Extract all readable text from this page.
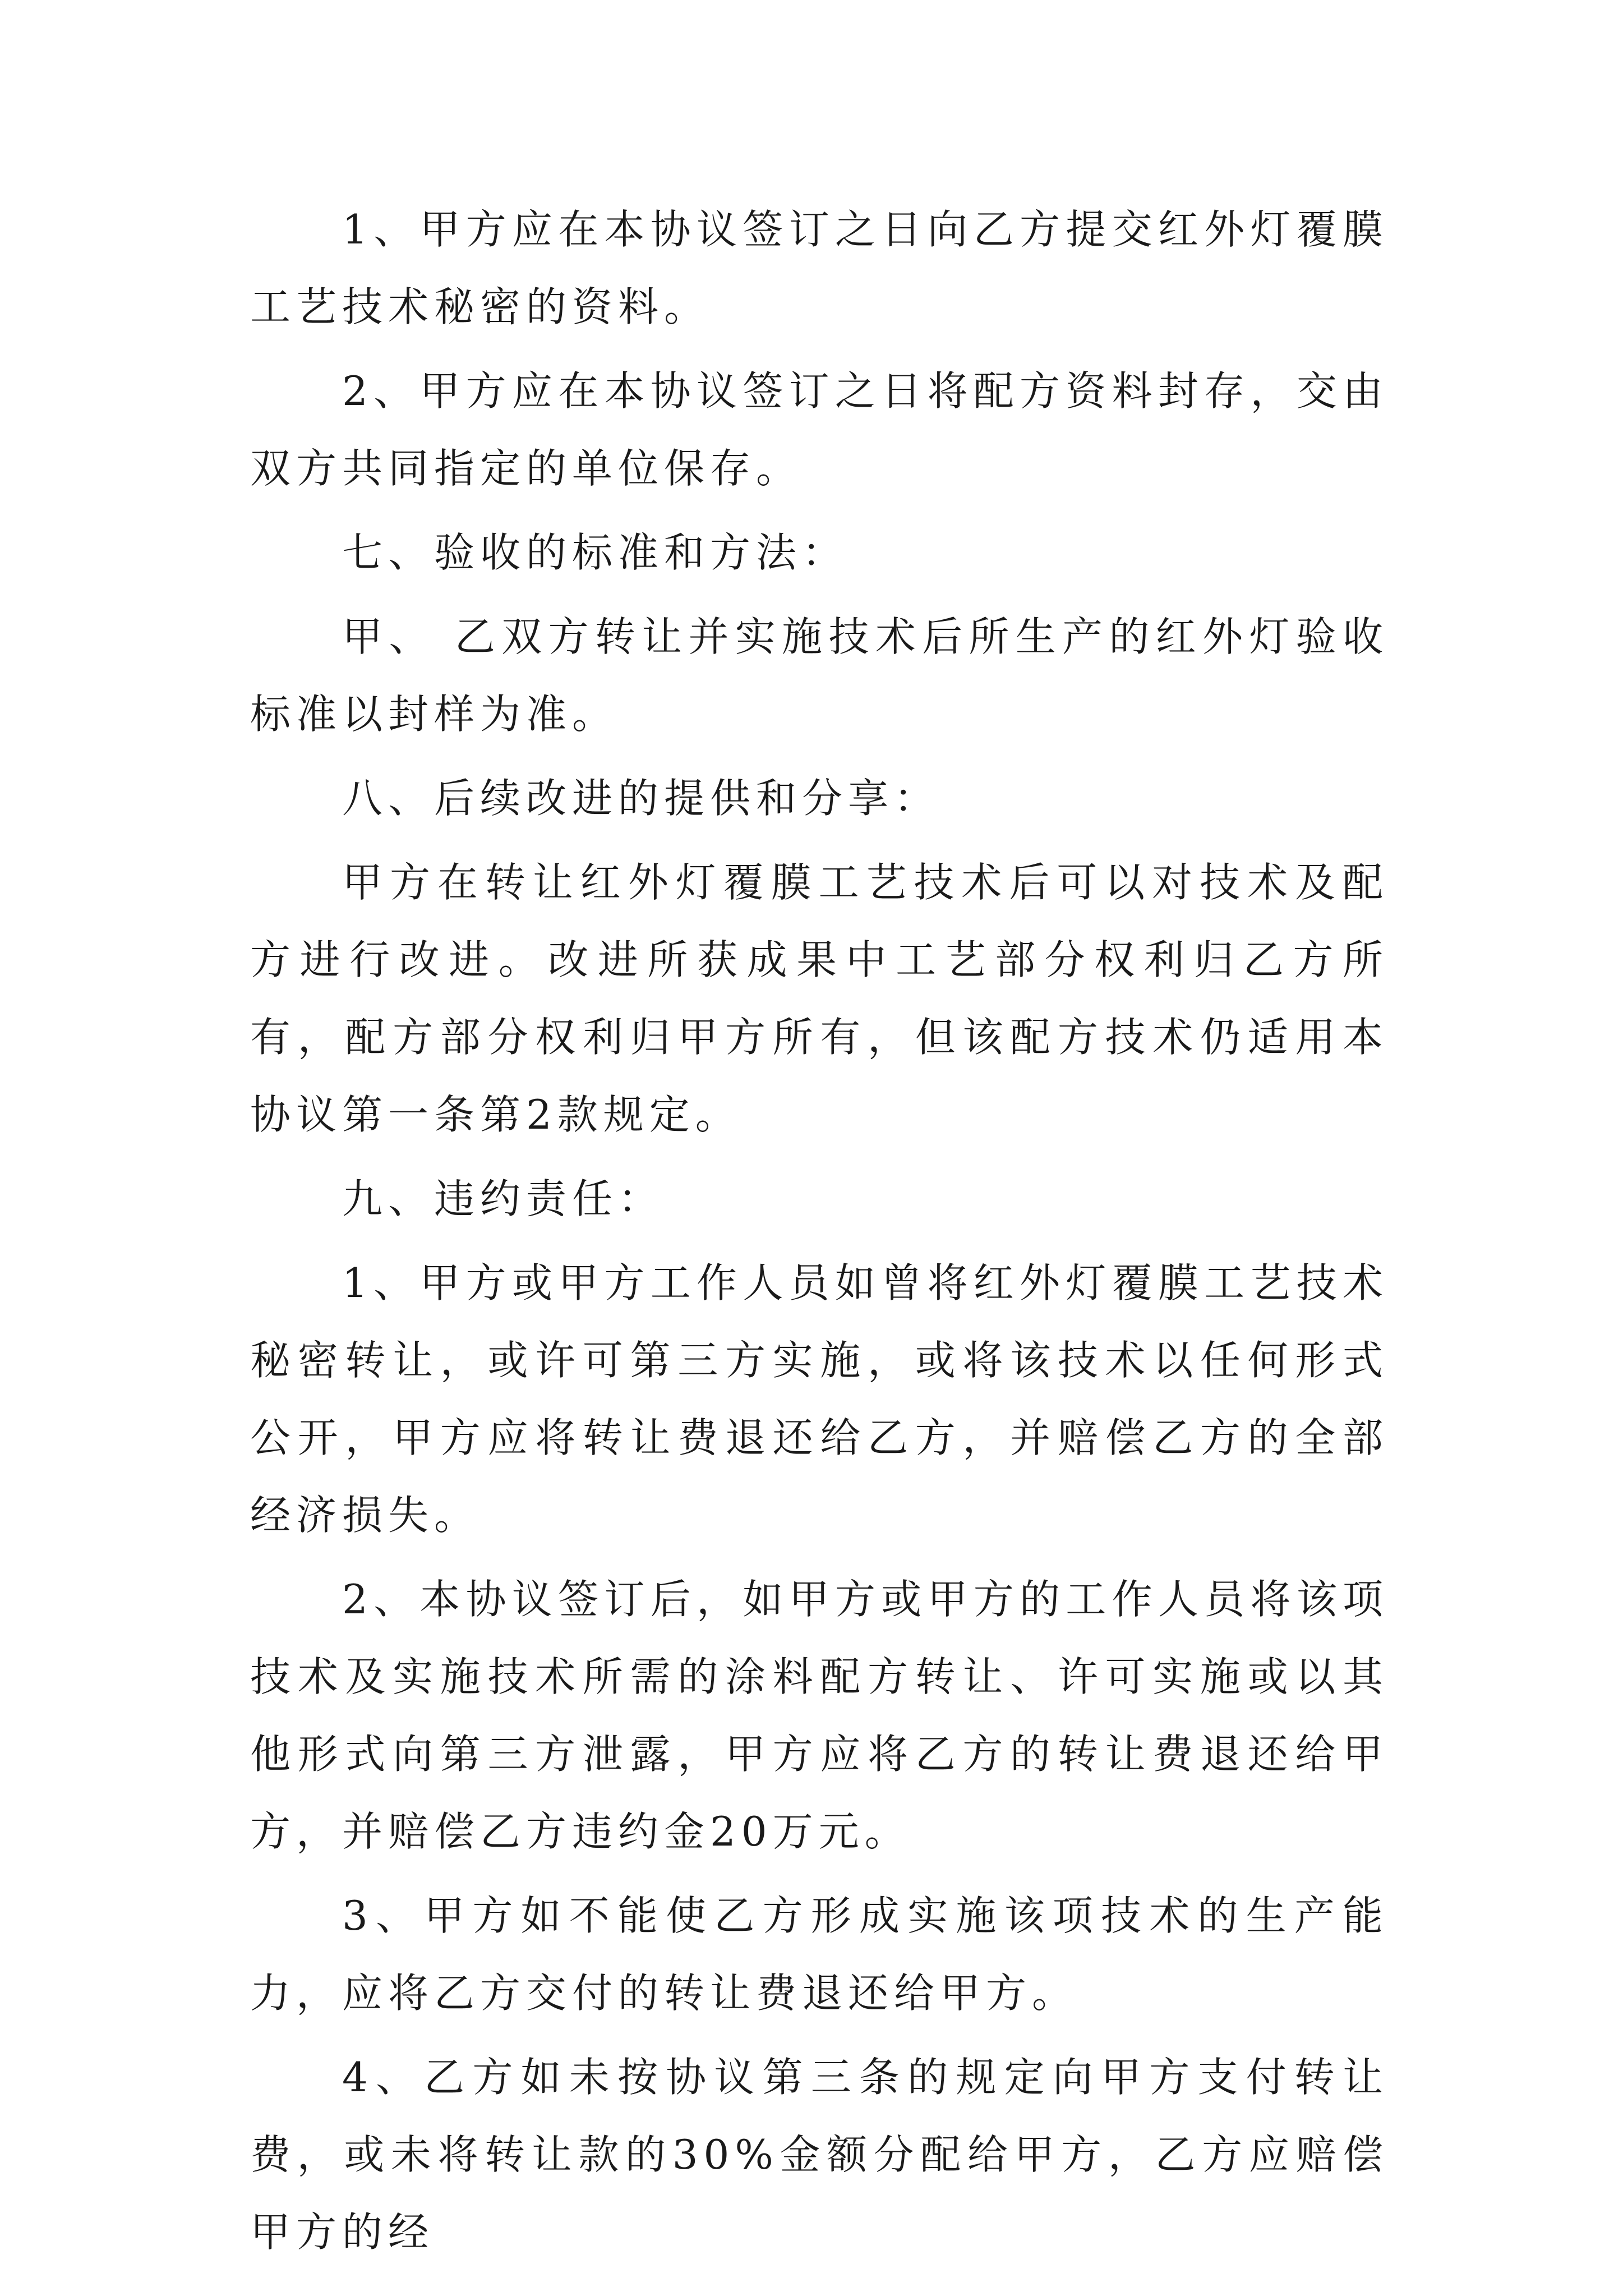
1、甲方应在本协议签订之日向乙方提交红外灯覆膜工艺技术秘密的资料。

2、甲方应在本协议签订之日将配方资料封存，交由双方共同指定的单位保存。

七、验收的标准和方法：

甲、 乙双方转让并实施技术后所生产的红外灯验收标准以封样为准。

八、后续改进的提供和分享：

甲方在转让红外灯覆膜工艺技术后可以对技术及配方进行改进。改进所获成果中工艺部分权利归乙方所有，配方部分权利归甲方所有，但该配方技术仍适用本协议第一条第2款规定。

九、违约责任：

1、甲方或甲方工作人员如曾将红外灯覆膜工艺技术秘密转让，或许可第三方实施，或将该技术以任何形式公开，甲方应将转让费退还给乙方，并赔偿乙方的全部经济损失。

2、本协议签订后，如甲方或甲方的工作人员将该项技术及实施技术所需的涂料配方转让、许可实施或以其他形式向第三方泄露，甲方应将乙方的转让费退还给甲方，并赔偿乙方违约金20万元。

3、甲方如不能使乙方形成实施该项技术的生产能力，应将乙方交付的转让费退还给甲方。

4、乙方如未按协议第三条的规定向甲方支付转让费，或未将转让款的30%金额分配给甲方，乙方应赔偿甲方的经
